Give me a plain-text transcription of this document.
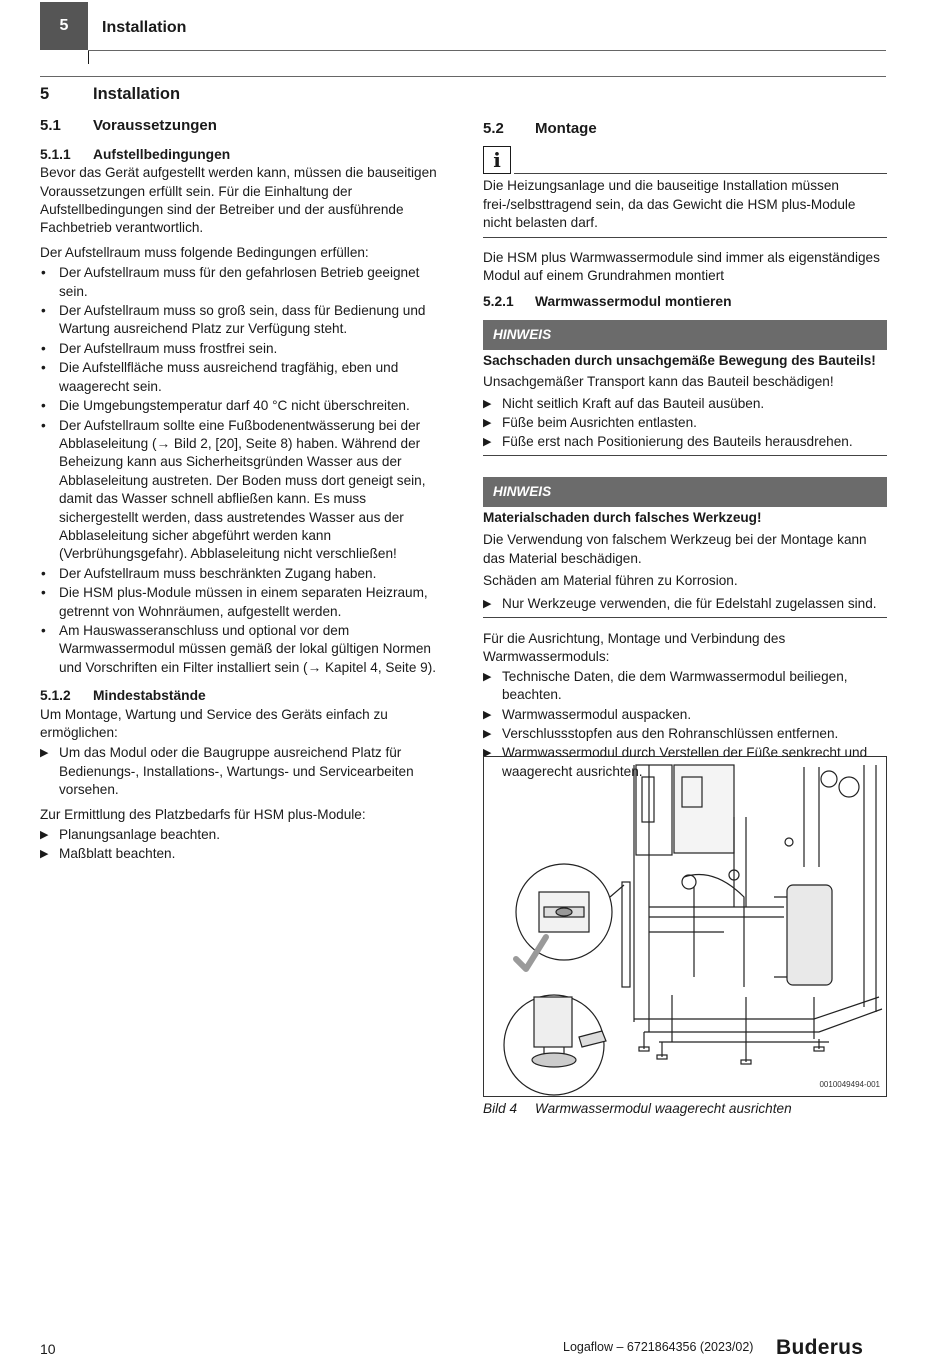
5 Installation
5	Installation
5.1 Voraussetzungen
5.1.1 Aufstellbedingungen

Bevor das Gerät aufgestellt werden kann, müssen die bauseitigen Voraussetzungen erfüllt sein. Für die Einhaltung der Aufstellbedingungen sind der Betreiber und der ausführende Fachbetrieb verantwortlich.

Der Aufstellraum muss folgende Bedingungen erfüllen:

• Der Aufstellraum muss für den gefahrlosen Betrieb geeignet sein.
• Der Aufstellraum muss so groß sein, dass für Bedienung und Wartung ausreichend Platz zur Verfügung steht.
• Der Aufstellraum muss frostfrei sein.
• Die Aufstellfläche muss ausreichend tragfähig, eben und waagerecht sein.
• Die Umgebungstemperatur darf 40 °C nicht überschreiten.
• Der Aufstellraum sollte eine Fußbodenentwässerung bei der Abblaseleitung (→ Bild 2, [20], Seite 8) haben. Während der Beheizung kann aus Sicherheitsgründen Wasser aus der Abblaseleitung austreten. Der Boden muss dort geneigt sein, damit das Wasser schnell abfließen kann. Es muss sichergestellt werden, dass austretendes Wasser aus der Abblaseleitung sicher abgeführt werden kann (Verbrühungsgefahr). Abblaseleitung nicht verschließen!
• Der Aufstellraum muss beschränkten Zugang haben.
• Die HSM plus-Module müssen in einem separaten Heizraum, getrennt von Wohnräumen, aufgestellt werden.
• Am Hauswasseranschluss und optional vor dem Warmwassermodul müssen gemäß der lokal gültigen Normen und Vorschriften ein Filter installiert sein (→ Kapitel 4, Seite 9).
5.1.2 Mindestabstände

Um Montage, Wartung und Service des Geräts einfach zu ermöglichen:

▶ Um das Modul oder die Baugruppe ausreichend Platz für Bedienungs-, Installations-, Wartungs- und Servicearbeiten vorsehen.

Zur Ermittlung des Platzbedarfs für HSM plus-Module:

▶ Planungsanlage beachten.
▶ Maßblatt beachten.
5.2 Montage
i

Die Heizungsanlage und die bauseitige Installation müssen frei-/selbsttragend sein, da das Gewicht die HSM plus-Module nicht belasten darf.

Die HSM plus Warmwassermodule sind immer als eigenständiges Modul auf einem Grundrahmen montiert

5.2.1 Warmwassermodul montieren
HINWEIS

Sachschaden durch unsachgemäße Bewegung des Bauteils!

Unsachgemäßer Transport kann das Bauteil beschädigen!

▶ Nicht seitlich Kraft auf das Bauteil ausüben.
▶ Füße beim Ausrichten entlasten.
▶ Füße erst nach Positionierung des Bauteils herausdrehen.
HINWEIS

Materialschaden durch falsches Werkzeug!

Die Verwendung von falschem Werkzeug bei der Montage kann das Material beschädigen.

Schäden am Material führen zu Korrosion.

▶ Nur Werkzeuge verwenden, die für Edelstahl zugelassen sind.

Für die Ausrichtung, Montage und Verbindung des Warmwassermoduls:

▶ Technische Daten, die dem Warmwassermodul beiliegen, beachten.
▶ Warmwassermodul auspacken.
▶ Verschlussstopfen aus den Rohranschlüssen entfernen.
▶ Warmwassermodul durch Verstellen der Füße senkrecht und waagerecht ausrichten.
0010049494-001
Bild 4 Warmwassermodul waagerecht ausrichten
10	Logaflow – 6721864356 (2023/02) Buderus
